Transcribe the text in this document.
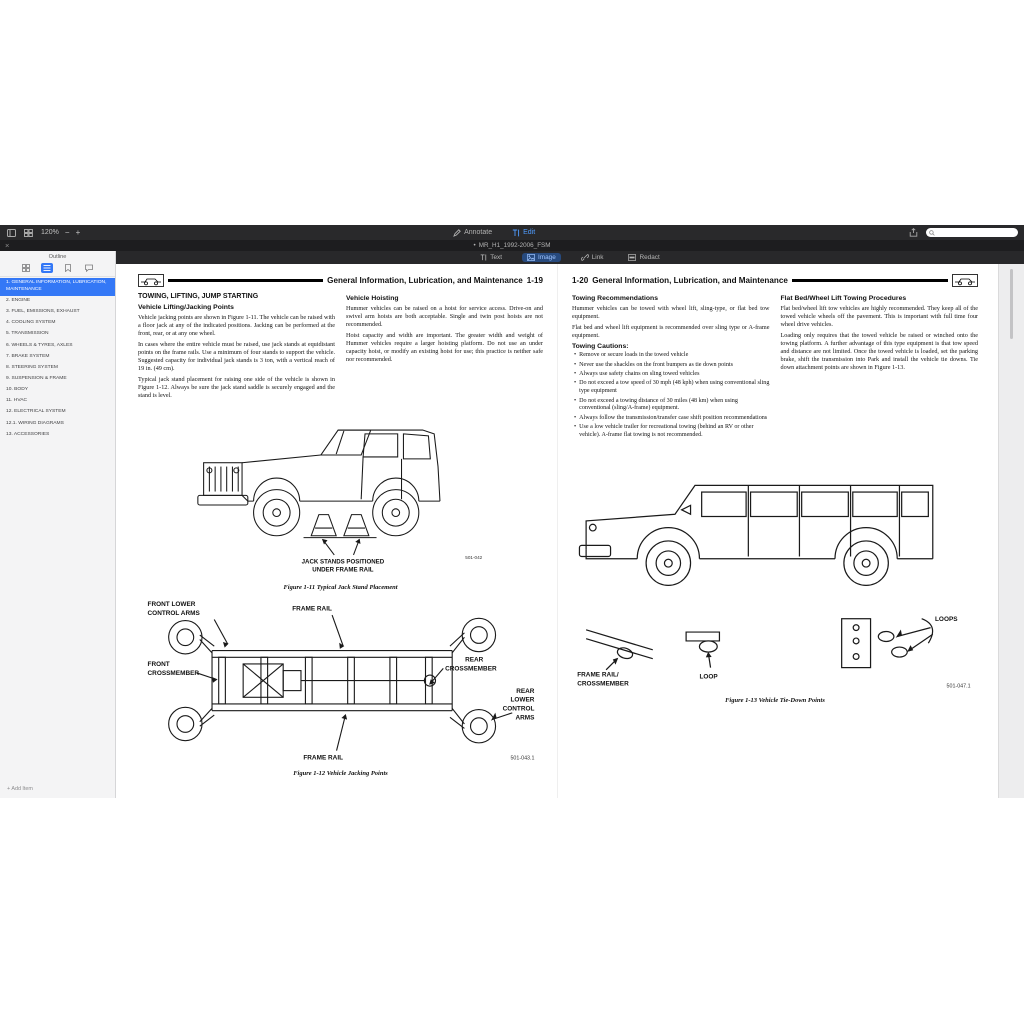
120% − +	Annotate	Edit
×	• MR_H1_1992-2006_FSM
Outline
1. GENERAL INFORMATION, LUBRICATION, MAINTENANCE
2. ENGINE
3. FUEL, EMISSIONS, EXHAUST
4. COOLING SYSTEM
5. TRANSMISSION
6. WHEELS & TYRES, AXLES
7. BRAKE SYSTEM
8. STEERING SYSTEM
9. SUSPENSION & FRAME
10. BODY
11. HVAC
12. ELECTRICAL SYSTEM
12.1. WIRING DIAGRAMS
13. ACCESSORIES
+ Add Item
Text	Image	Link	Redact
General Information, Lubrication, and Maintenance 1-19
TOWING, LIFTING, JUMP STARTING
Vehicle Lifting/Jacking Points

Vehicle jacking points are shown in Figure 1-11. The vehicle can be raised with a floor jack at any of the indicated positions. Jacking can be performed at the front, rear, or at any one wheel.

In cases where the entire vehicle must be raised, use jack stands at equidistant points on the frame rails. Use a minimum of four stands to support the vehicle. Suggested capacity for individual jack stands is 3 ton, with a vertical reach of 19 in. (49 cm).

Typical jack stand placement for raising one side of the vehicle is shown in Figure 1-12. Always be sure the jack stand saddle is securely engaged and the stand is level.

Vehicle Hoisting

Hummer vehicles can be raised on a hoist for service access. Drive-on and swivel arm hoists are both acceptable. Single and twin post hoists are not recommended.

Hoist capacity and width are important. The greater width and weight of Hummer vehicles require a larger hoisting platform. Do not use an under capacity hoist, or modify an existing hoist for use; this practice is neither safe nor recommended.

JACK STANDS POSITIONED
UNDER FRAME RAIL
501-042
Figure 1-11 Typical Jack Stand Placement
FRONT LOWER
CONTROL ARMS
FRONT
CROSSMEMBER
FRAME RAIL
REAR
CROSSMEMBER
REAR
LOWER
CONTROL
ARMS
FRAME RAIL	501-043.1
Figure 1-12 Vehicle Jacking Points
1-20 General Information, Lubrication, and Maintenance
Towing Recommendations

Hummer vehicles can be towed with wheel lift, sling-type, or flat bed tow equipment.

Flat bed and wheel lift equipment is recommended over sling type or A-frame equipment.

Towing Cautions:
• Remove or secure loads in the towed vehicle
• Never use the shackles on the front bumpers as tie down points
• Always use safety chains on sling towed vehicles
• Do not exceed a tow speed of 30 mph (48 kph) when using conventional sling type equipment
• Do not exceed a towing distance of 30 miles (48 km) when using conventional (sling/A-frame) equipment.
• Always follow the transmission/transfer case shift position recommendations
• Use a low vehicle trailer for recreational towing (behind an RV or other vehicle). A-frame flat towing is not recommended.
Flat Bed/Wheel Lift Towing Procedures

Flat bed/wheel lift tow vehicles are highly recommended. They keep all of the towed vehicle wheels off the pavement. This is important with full time four wheel drive vehicles.

Loading only requires that the towed vehicle be raised or winched onto the towing platform. A further advantage of this type equipment is that tow speed and distance are not limited. Once the towed vehicle is loaded, set the parking brake, shift the transmission into Park and install the vehicle tie downs. Tie down attachment points are shown in Figure 1-13.

FRAME RAIL/
CROSSMEMBER
LOOP
LOOPS
501-047.1
Figure 1-13 Vehicle Tie-Down Points
